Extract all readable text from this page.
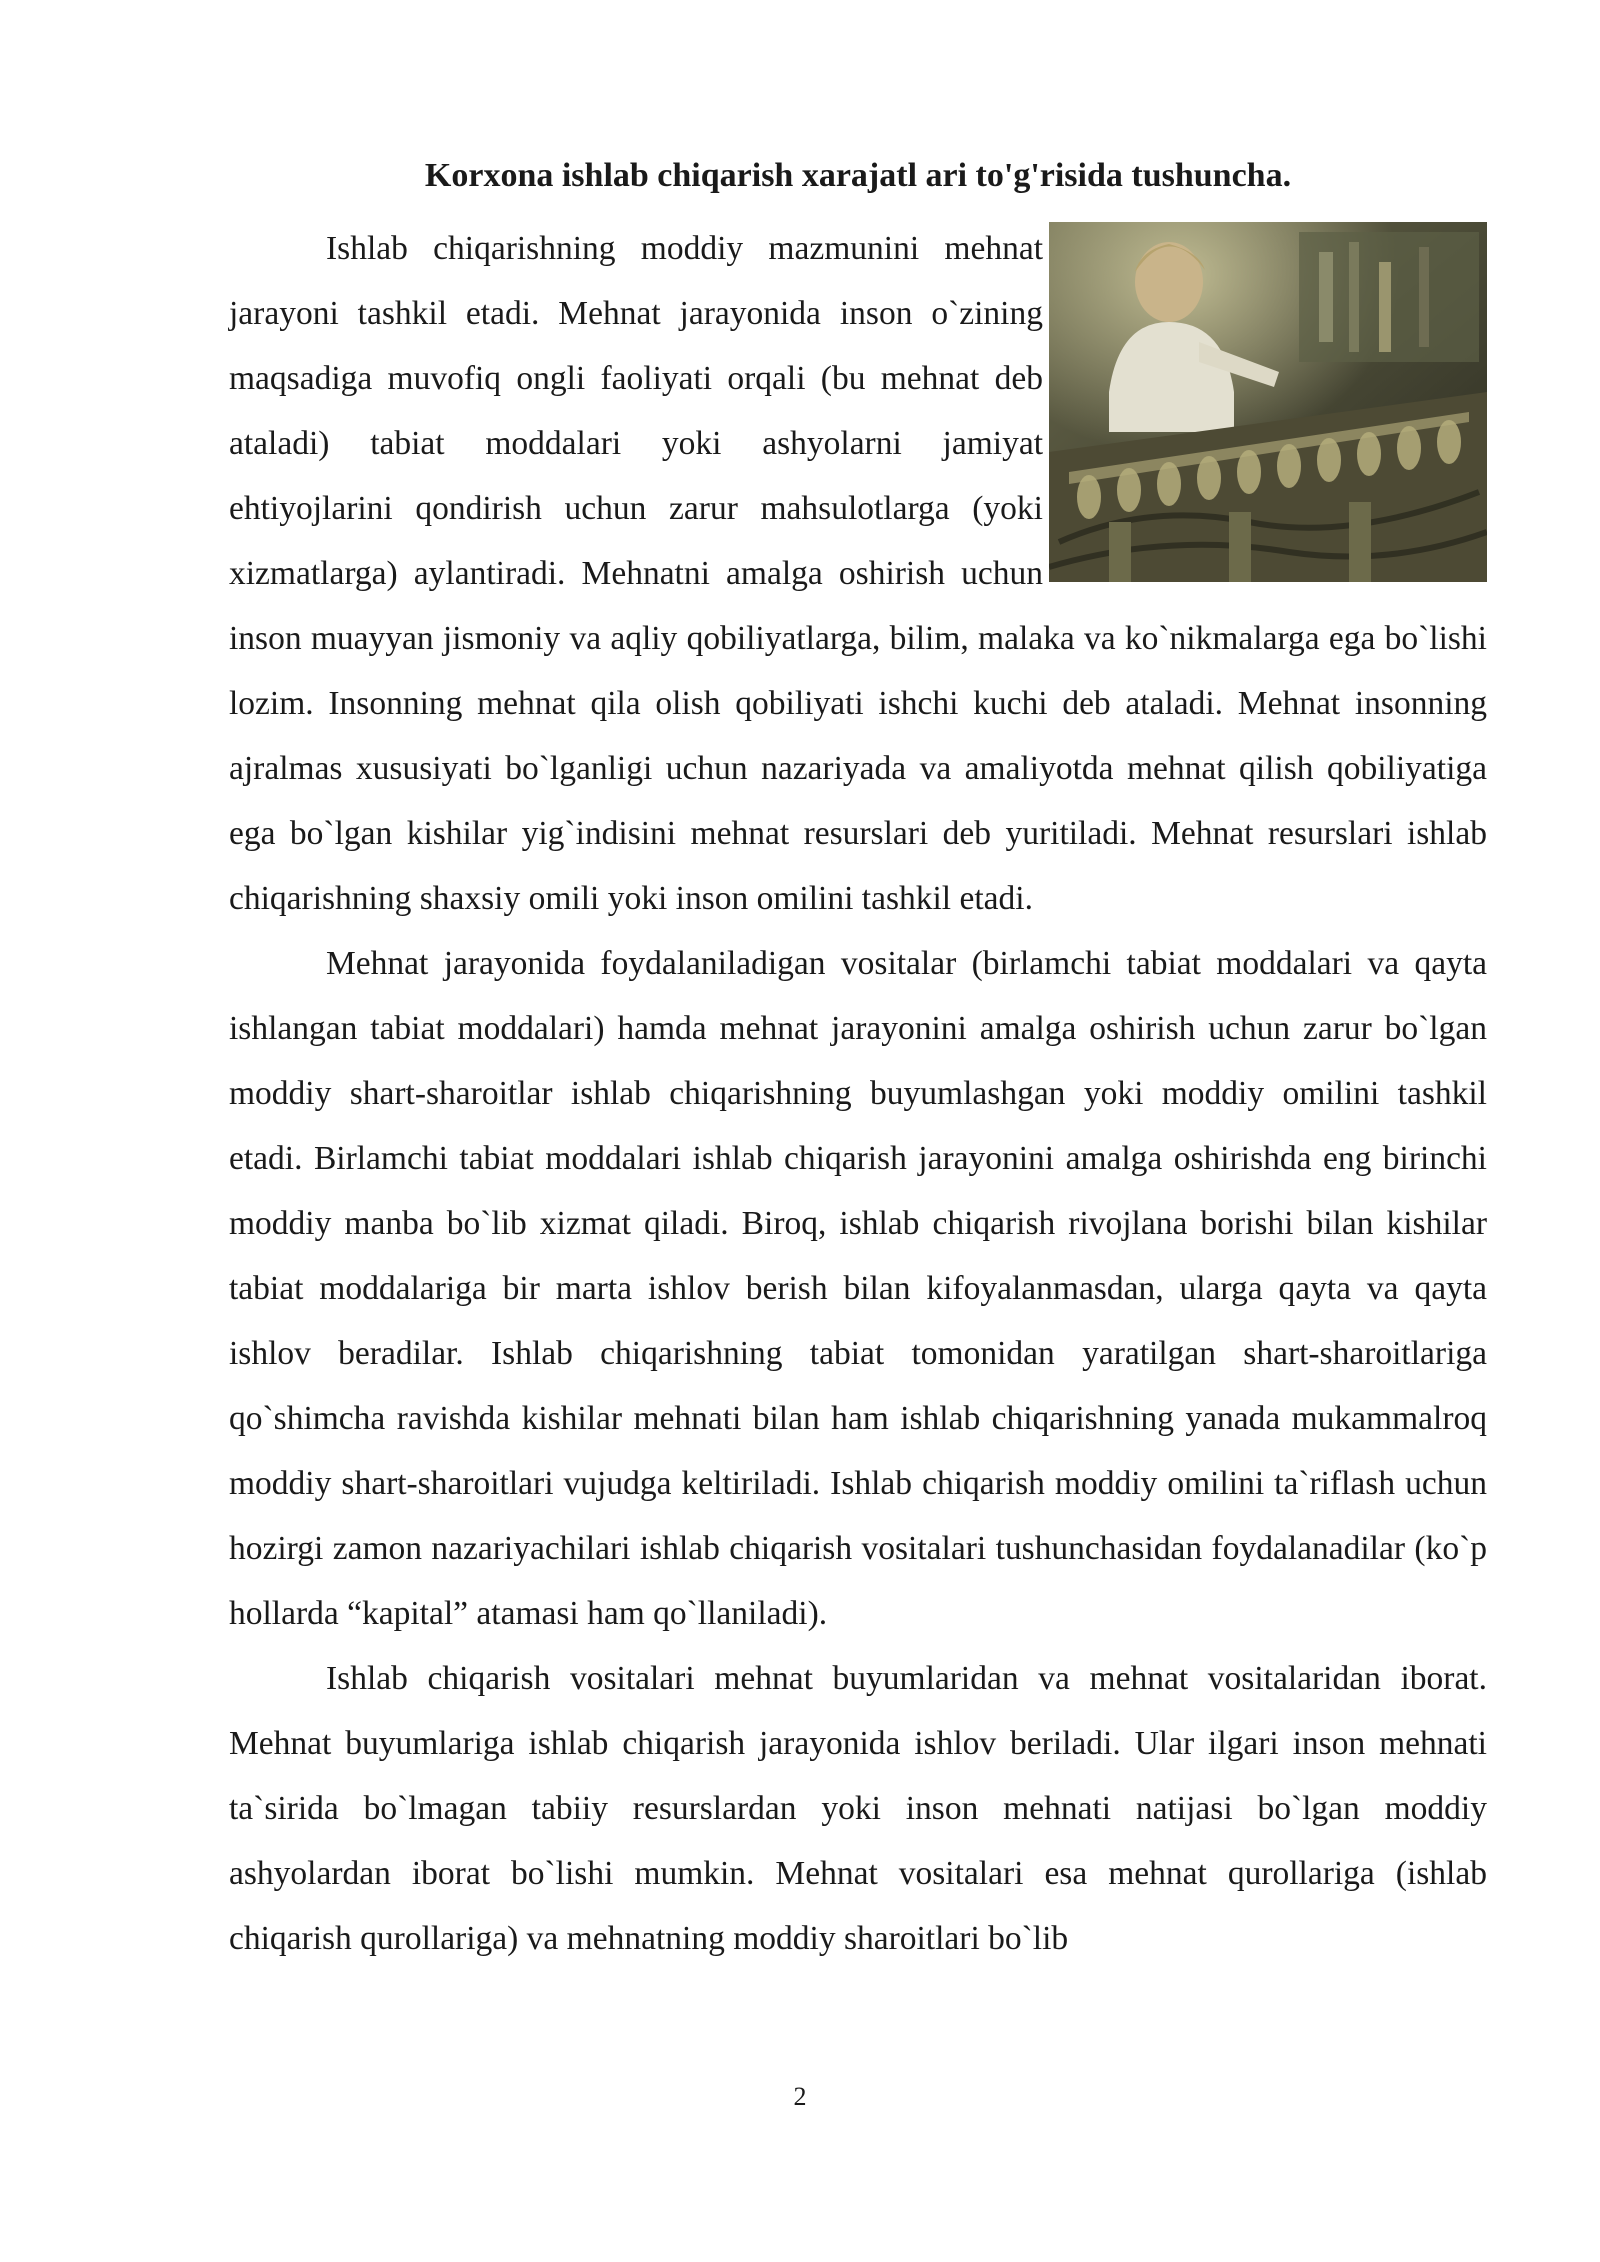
Korxona ishlab chiqarish xarajatl ari to'g'risida tushuncha.

Ishlab chiqarishning moddiy mazmunini mehnat jarayoni tashkil etadi. Mehnat jarayonida inson o`zining maqsadiga muvofiq ongli faoliyati orqali (bu mehnat deb ataladi) tabiat moddalari yoki ashyolarni jamiyat ehtiyojlarini qondirish uchun zarur mahsulotlarga (yoki xizmatlarga) aylantiradi. Mehnatni amalga oshirish uchun inson muayyan jismoniy va aqliy qobiliyatlarga, bilim, malaka va ko`nikmalarga ega bo`lishi lozim. Insonning mehnat qila olish qobiliyati ishchi kuchi deb ataladi. Mehnat insonning ajralmas xususiyati bo`lganligi uchun nazariyada va amaliyotda mehnat qilish qobiliyatiga ega bo`lgan kishilar yig`indisini mehnat resurslari deb yuritiladi. Mehnat resurslari ishlab chiqarishning shaxsiy omili yoki inson omilini tashkil etadi.

Mehnat jarayonida foydalaniladigan vositalar (birlamchi tabiat moddalari va qayta ishlangan tabiat moddalari) hamda mehnat jarayonini amalga oshirish uchun zarur bo`lgan moddiy shart-sharoitlar ishlab chiqarishning buyumlashgan yoki moddiy omilini tashkil etadi. Birlamchi tabiat moddalari ishlab chiqarish jarayonini amalga oshirishda eng birinchi moddiy manba bo`lib xizmat qiladi. Biroq, ishlab chiqarish rivojlana borishi bilan kishilar tabiat moddalariga bir marta ishlov berish bilan kifoyalanmasdan, ularga qayta va qayta ishlov beradilar. Ishlab chiqarishning tabiat tomonidan yaratilgan shart-sharoitlariga qo`shimcha ravishda kishilar mehnati bilan ham ishlab chiqarishning yanada mukammalroq moddiy shart-sharoitlari vujudga keltiriladi. Ishlab chiqarish moddiy omilini ta`riflash uchun hozirgi zamon nazariyachilari ishlab chiqarish vositalari tushunchasidan foydalanadilar (ko`p hollarda “kapital” atamasi ham qo`llaniladi).

Ishlab chiqarish vositalari mehnat buyumlaridan va mehnat vositalaridan iborat. Mehnat buyumlariga ishlab chiqarish jarayonida ishlov beriladi. Ular ilgari inson mehnati ta`sirida bo`lmagan tabiiy resurslardan yoki inson mehnati natijasi bo`lgan moddiy ashyolardan iborat bo`lishi mumkin. Mehnat vositalari esa mehnat qurollariga (ishlab chiqarish qurollariga) va mehnatning moddiy sharoitlari bo`lib

2
